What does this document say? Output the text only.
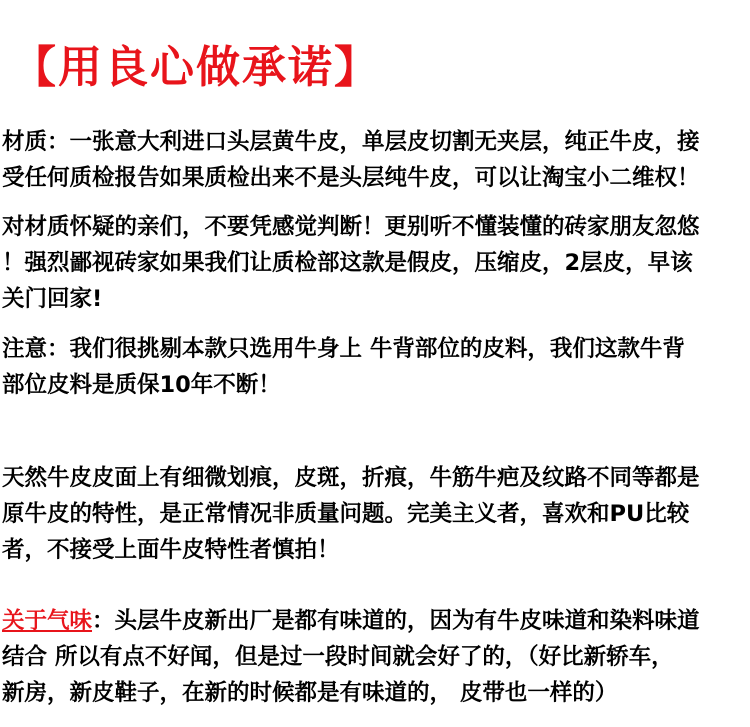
【用良心做承诺】
材质：一张意大利进口头层黄牛皮，单层皮切割无夹层，纯正牛皮，接
受任何质检报告如果质检出来不是头层纯牛皮，可以让淘宝小二维权！
对材质怀疑的亲们，不要凭感觉判断！更别听不懂装懂的砖家朋友忽悠
！强烈鄙视砖家如果我们让质检部这款是假皮，压缩皮，2层皮，早该
关门回家!
注意：我们很挑剔本款只选用牛身上 牛背部位的皮料，我们这款牛背
部位皮料是质保10年不断！
天然牛皮皮面上有细微划痕，皮斑，折痕，牛筋牛疤及纹路不同等都是
原牛皮的特性，是正常情况非质量问题。完美主义者，喜欢和PU比较
者，不接受上面牛皮特性者慎拍！
关于气味：头层牛皮新出厂是都有味道的，因为有牛皮味道和染料味道
结合 所以有点不好闻，但是过一段时间就会好了的，（好比新轿车，
新房，新皮鞋子，在新的时候都是有味道的， 皮带也一样的）
